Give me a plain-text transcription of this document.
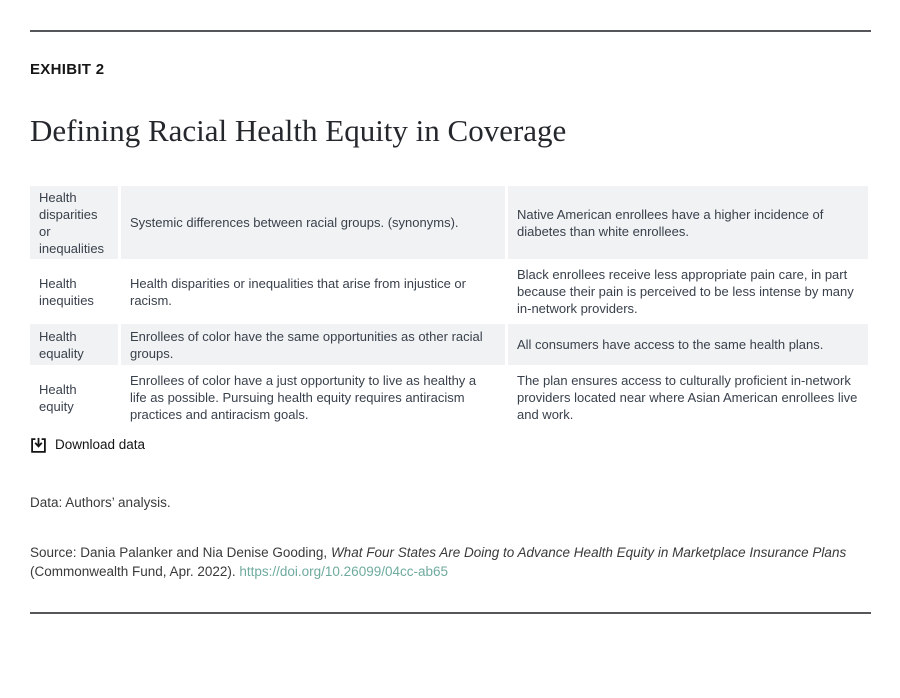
EXHIBIT 2
Defining Racial Health Equity in Coverage
Health disparities or inequalities
Systemic differences between racial groups. (synonyms).
Native American enrollees have a higher incidence of diabetes than white enrollees.
Health inequities
Health disparities or inequalities that arise from injustice or racism.
Black enrollees receive less appropriate pain care, in part because their pain is perceived to be less intense by many in-network providers.
Health equality
Enrollees of color have the same opportunities as other racial groups.
All consumers have access to the same health plans.
Health equity
Enrollees of color have a just opportunity to live as healthy a life as possible. Pursuing health equity requires antiracism practices and antiracism goals.
The plan ensures access to culturally proficient in-network providers located near where Asian American enrollees live and work.
Download data
Data: Authors’ analysis.
Source: Dania Palanker and Nia Denise Gooding, What Four States Are Doing to Advance Health Equity in Marketplace Insurance Plans (Commonwealth Fund, Apr. 2022). https://doi.org/10.26099/04cc-ab65
